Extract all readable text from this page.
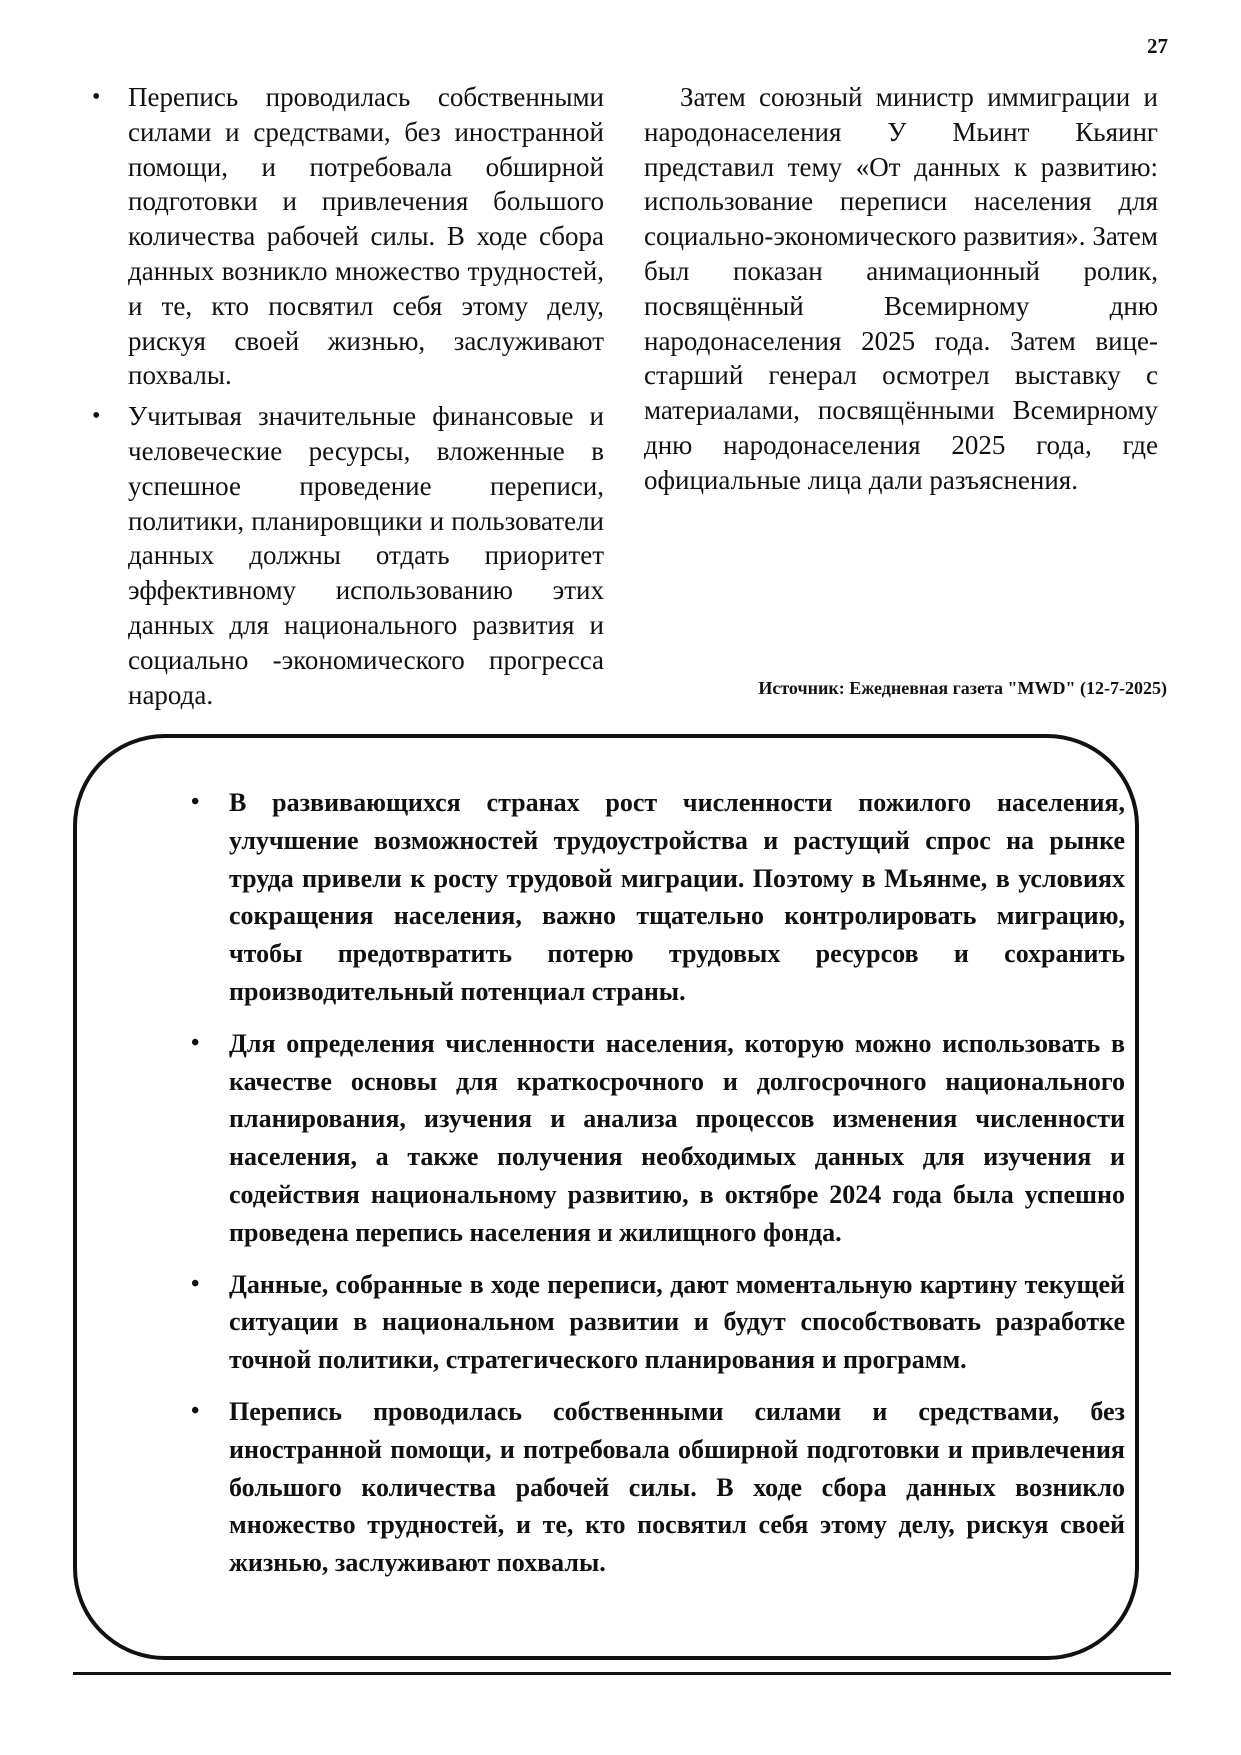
27
• Перепись проводилась собственными силами и средствами, без иностранной помощи, и потребовала обширной подготовки и привлечения большого количества рабочей силы. В ходе сбора данных возникло множество трудностей, и те, кто посвятил себя этому делу, рискуя своей жизнью, заслуживают похвалы.
• Учитывая значительные финансовые и человеческие ресурсы, вложенные в успешное проведение переписи, политики, планировщики и пользователи данных должны отдать приоритет эффективному использованию этих данных для национального развития и социально -экономического прогресса народа.

Затем союзный министр иммиграции и народонаселения У Мьинт Кьяинг представил тему «От данных к развитию: использование переписи населения для социально-экономического развития». Затем был показан анимационный ролик, посвящённый Всемирному дню народонаселения 2025 года. Затем вице-старший генерал осмотрел выставку с материалами, посвящёнными Всемирному дню народонаселения 2025 года, где официальные лица дали разъяснения.

Источник: Ежедневная газета "MWD" (12-7-2025)
• В развивающихся странах рост численности пожилого населения, улучшение возможностей трудоустройства и растущий спрос на рынке труда привели к росту трудовой миграции. Поэтому в Мьянме, в условиях сокращения населения, важно тщательно контролировать миграцию, чтобы предотвратить потерю трудовых ресурсов и сохранить производительный потенциал страны.
• Для определения численности населения, которую можно использовать в качестве основы для краткосрочного и долгосрочного национального планирования, изучения и анализа процессов изменения численности населения, а также получения необходимых данных для изучения и содействия национальному развитию, в октябре 2024 года была успешно проведена перепись населения и жилищного фонда.
• Данные, собранные в ходе переписи, дают моментальную картину текущей ситуации в национальном развитии и будут способствовать разработке точной политики, стратегического планирования и программ.
• Перепись проводилась собственными силами и средствами, без иностранной помощи, и потребовала обширной подготовки и привлечения большого количества рабочей силы. В ходе сбора данных возникло множество трудностей, и те, кто посвятил себя этому делу, рискуя своей жизнью, заслуживают похвалы.
